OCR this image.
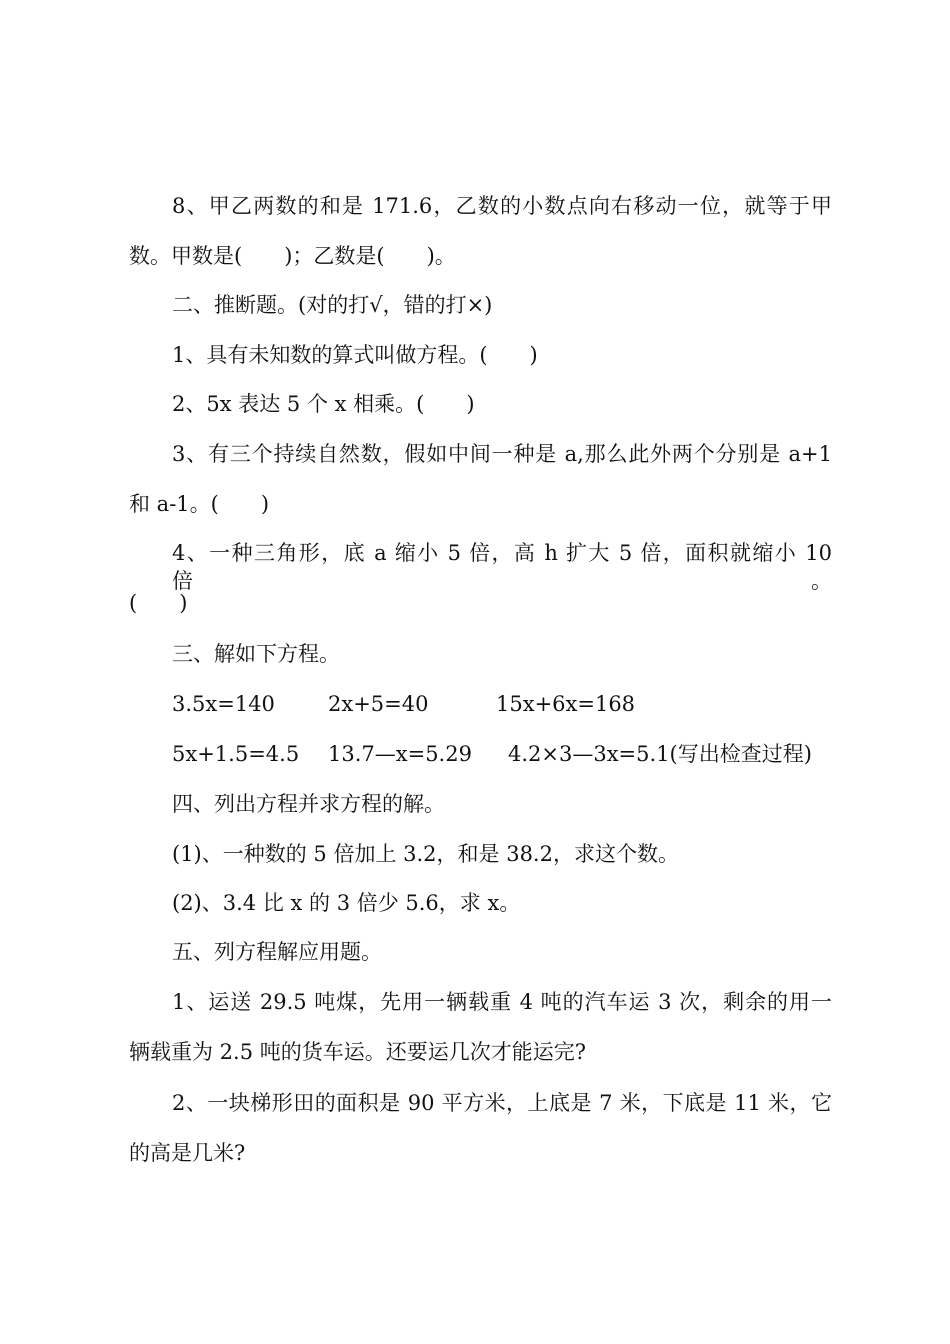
8、甲乙两数的和是 171.6，乙数的小数点向右移动一位，就等于甲
数。甲数是(　　)；乙数是(　　)。
二、推断题。(对的打√，错的打×)
1、具有未知数的算式叫做方程。(　　)
2、5x 表达 5 个 x 相乘。(　　)
3、有三个持续自然数，假如中间一种是 a,那么此外两个分别是 a+1
和 a-1。(　　)
4、一种三角形，底 a 缩小 5 倍，高 h 扩大 5 倍，面积就缩小 10 倍。
(　　)
三、解如下方程。
3.5x=140	2x+5=40	15x+6x=168
5x+1.5=4.5 13.7—x=5.29 4.2×3—3x=5.1(写出检查过程)
四、列出方程并求方程的解。
(1)、一种数的 5 倍加上 3.2，和是 38.2，求这个数。
(2)、3.4 比 x 的 3 倍少 5.6，求 x。
五、列方程解应用题。
1、运送 29.5 吨煤，先用一辆载重 4 吨的汽车运 3 次，剩余的用一
辆载重为 2.5 吨的货车运。还要运几次才能运完?
2、一块梯形田的面积是 90 平方米，上底是 7 米，下底是 11 米，它
的高是几米?
